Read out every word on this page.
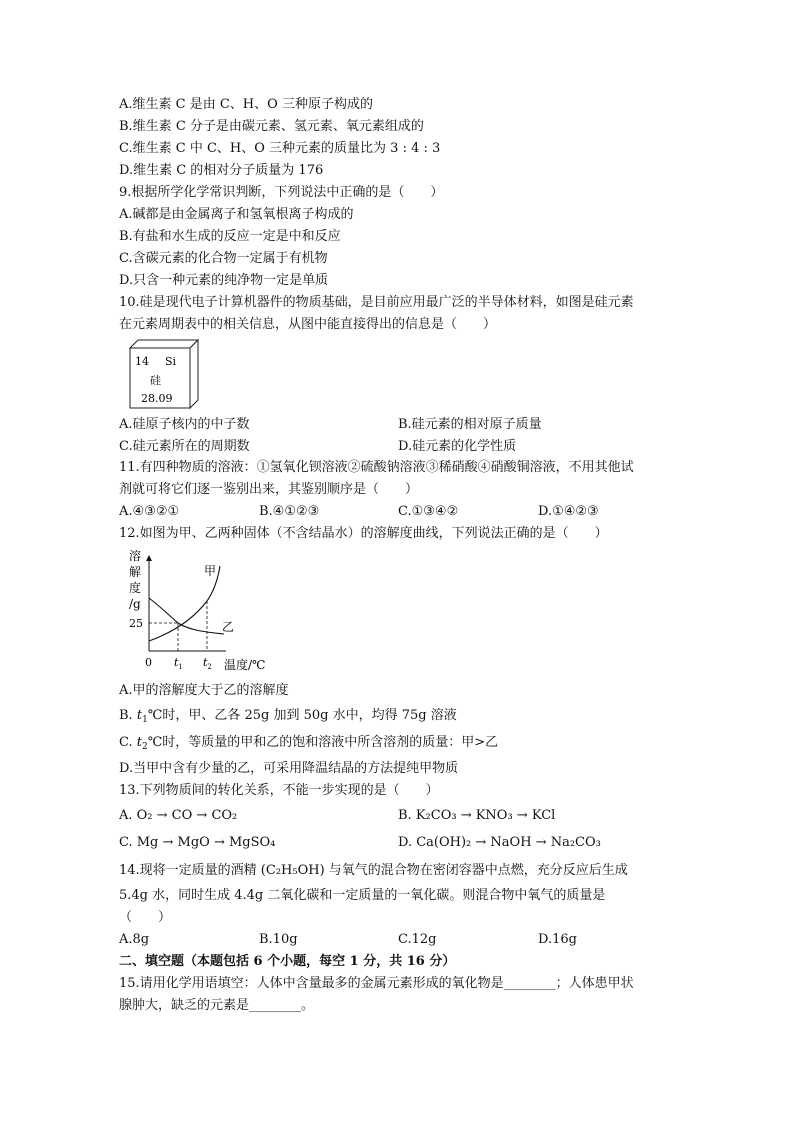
A.维生素 C 是由 C、H、O 三种原子构成的
B.维生素 C 分子是由碳元素、氢元素、氧元素组成的
C.维生素 C 中 C、H、O 三种元素的质量比为 3 : 4 : 3
D.维生素 C 的相对分子质量为 176
9.根据所学化学常识判断，下列说法中正确的是（　　）
A.碱都是由金属离子和氢氧根离子构成的
B.有盐和水生成的反应一定是中和反应
C.含碳元素的化合物一定属于有机物
D.只含一种元素的纯净物一定是单质
10.硅是现代电子计算机器件的物质基础，是目前应用最广泛的半导体材料，如图是硅元素
在元素周期表中的相关信息，从图中能直接得出的信息是（　　）
14 Si
硅
28.09
A.硅原子核内的中子数	B.硅元素的相对原子质量
C.硅元素所在的周期数	D.硅元素的化学性质
11.有四种物质的溶液：①氢氧化钡溶液②硫酸钠溶液③稀硝酸④硝酸铜溶液，不用其他试
剂就可将它们逐一鉴别出来，其鉴别顺序是（　　）
A.④③②①	B.④①②③	C.①③④②	D.①④②③
12.如图为甲、乙两种固体（不含结晶水）的溶解度曲线，下列说法正确的是（　　）
溶
解
度
/g
25
甲
乙
0 $t_1$ $t_2$ 温度/℃
A.甲的溶解度大于乙的溶解度
B. $t_1℃$时，甲、乙各 25g 加到 50g 水中，均得 75g 溶液
C. $t_2℃$时，等质量的甲和乙的饱和溶液中所含溶剂的质量：甲>乙
D.当甲中含有少量的乙，可采用降温结晶的方法提纯甲物质
13.下列物质间的转化关系，不能一步实现的是（　　）
A. O₂ → CO → CO₂	B. K₂CO₃ → KNO₃ → KCl
C. Mg → MgO → MgSO₄	D. Ca(OH)₂ → NaOH → Na₂CO₃
14.现将一定质量的酒精 (C₂H₅OH) 与氧气的混合物在密闭容器中点燃，充分反应后生成
5.4g 水，同时生成 4.4g 二氧化碳和一定质量的一氧化碳。则混合物中氧气的质量是
（　　）
A.8g	B.10g	C.12g	D.16g
二、填空题（本题包括 6 个小题，每空 1 分，共 16 分）
15.请用化学用语填空：人体中含量最多的金属元素形成的氧化物是________；人体患甲状
腺肿大，缺乏的元素是________。
